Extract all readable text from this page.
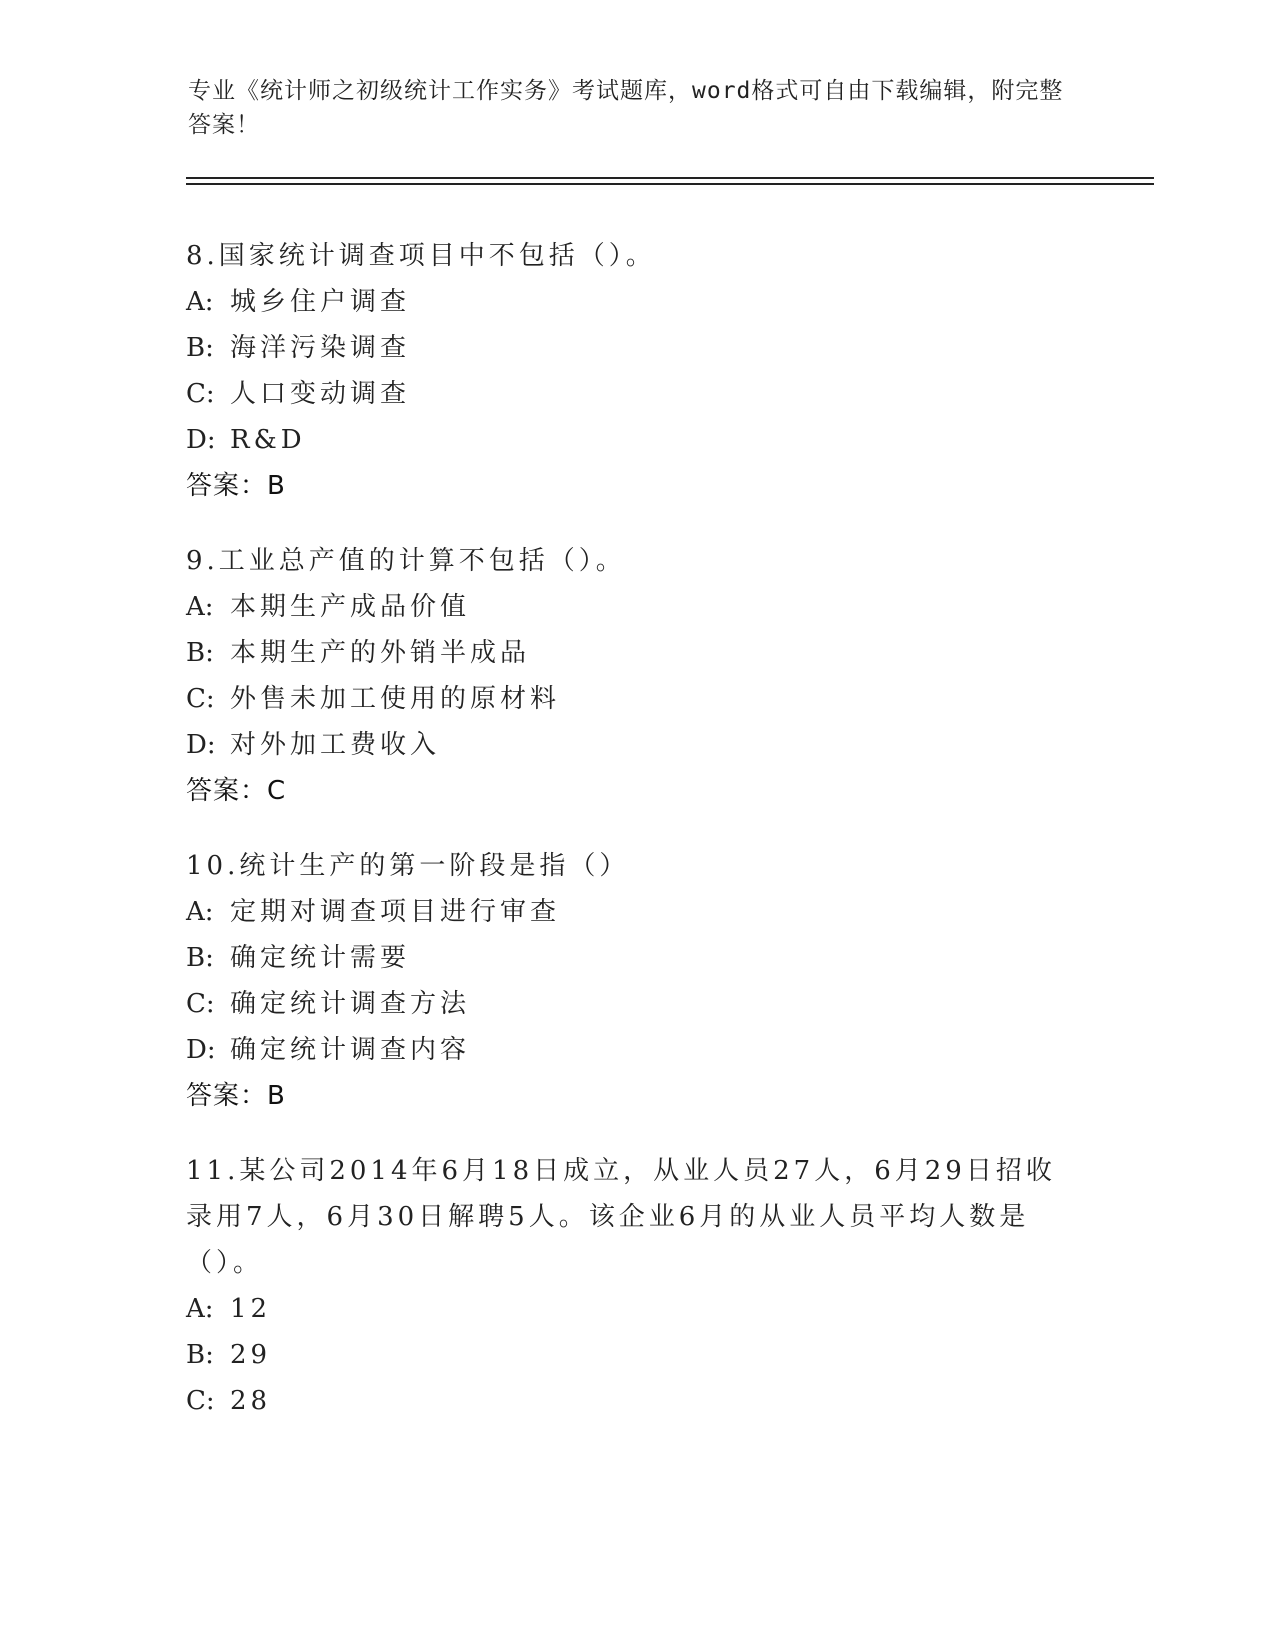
专业《统计师之初级统计工作实务》考试题库，word格式可自由下载编辑，附完整答案！
8.国家统计调查项目中不包括（）。
A: 城乡住户调查
B: 海洋污染调查
C: 人口变动调查
D: R&D
答案：B
9.工业总产值的计算不包括（）。
A: 本期生产成品价值
B: 本期生产的外销半成品
C: 外售未加工使用的原材料
D: 对外加工费收入
答案：C
10.统计生产的第一阶段是指（）
A: 定期对调查项目进行审查
B: 确定统计需要
C: 确定统计调查方法
D: 确定统计调查内容
答案：B
11.某公司2014年6月18日成立，从业人员27人，6月29日招收录用7人，6月30日解聘5人。该企业6月的从业人员平均人数是（）。
A: 12
B: 29
C: 28
